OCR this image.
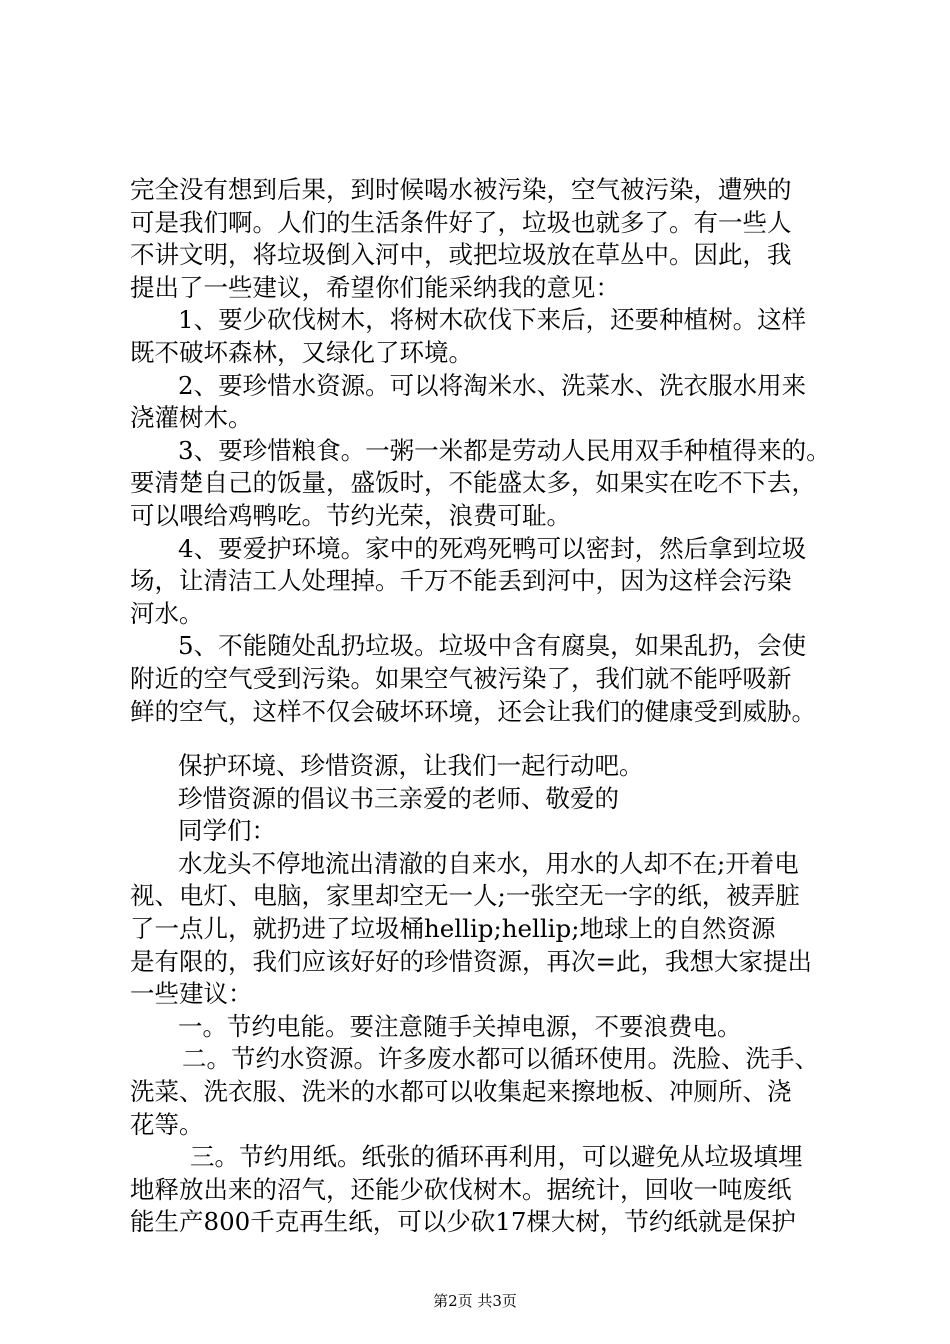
完全没有想到后果，到时候喝水被污染，空气被污染，遭殃的
可是我们啊。人们的生活条件好了，垃圾也就多了。有一些人
不讲文明，将垃圾倒入河中，或把垃圾放在草丛中。因此，我
提出了一些建议，希望你们能采纳我的意见：
1、要少砍伐树木，将树木砍伐下来后，还要种植树。这样
既不破坏森林，又绿化了环境。
2、要珍惜水资源。可以将淘米水、洗菜水、洗衣服水用来
浇灌树木。
3、要珍惜粮食。一粥一米都是劳动人民用双手种植得来的。
要清楚自己的饭量，盛饭时，不能盛太多，如果实在吃不下去，
可以喂给鸡鸭吃。节约光荣，浪费可耻。
4、要爱护环境。家中的死鸡死鸭可以密封，然后拿到垃圾
场，让清洁工人处理掉。千万不能丢到河中，因为这样会污染
河水。
5、不能随处乱扔垃圾。垃圾中含有腐臭，如果乱扔，会使
附近的空气受到污染。如果空气被污染了，我们就不能呼吸新
鲜的空气，这样不仅会破坏环境，还会让我们的健康受到威胁。
保护环境、珍惜资源，让我们一起行动吧。
珍惜资源的倡议书三亲爱的老师、敬爱的
同学们：
水龙头不停地流出清澈的自来水，用水的人却不在;开着电
视、电灯、电脑，家里却空无一人;一张空无一字的纸，被弄脏
了一点儿，就扔进了垃圾桶hellip;hellip;地球上的自然资源
是有限的，我们应该好好的珍惜资源，再次=此，我想大家提出
一些建议：
一。节约电能。要注意随手关掉电源，不要浪费电。
二。节约水资源。许多废水都可以循环使用。洗脸、洗手、
洗菜、洗衣服、洗米的水都可以收集起来擦地板、冲厕所、浇
花等。
三。节约用纸。纸张的循环再利用，可以避免从垃圾填埋
地释放出来的沼气，还能少砍伐树木。据统计，回收一吨废纸
能生产800千克再生纸，可以少砍17棵大树，节约纸就是保护
第2页 共3页
